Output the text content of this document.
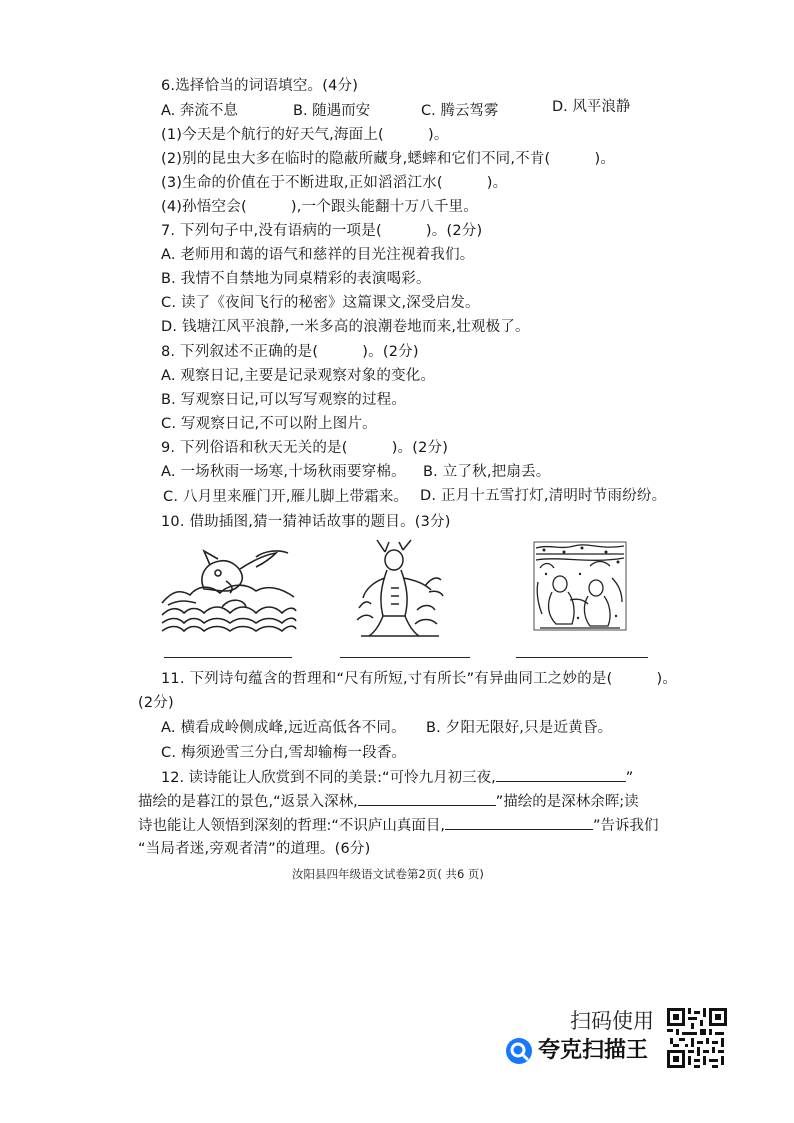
6.选择恰当的词语填空。(4分)
A. 奔流不息	B. 随遇而安	C. 腾云驾雾	D. 风平浪静
(1)今天是个航行的好天气,海面上(　　　)。
(2)别的昆虫大多在临时的隐蔽所藏身,蟋蟀和它们不同,不肯(　　　)。
(3)生命的价值在于不断进取,正如滔滔江水(　　　)。
(4)孙悟空会(　　　),一个跟头能翻十万八千里。
7. 下列句子中,没有语病的一项是(　　　)。(2分)
A. 老师用和蔼的语气和慈祥的目光注视着我们。
B. 我情不自禁地为同桌精彩的表演喝彩。
C. 读了《夜间飞行的秘密》这篇课文,深受启发。
D. 钱塘江风平浪静,一米多高的浪潮卷地而来,壮观极了。
8. 下列叙述不正确的是(　　　)。(2分)
A. 观察日记,主要是记录观察对象的变化。
B. 写观察日记,可以写写观察的过程。
C. 写观察日记,不可以附上图片。
9. 下列俗语和秋天无关的是(　　　)。(2分)
A. 一场秋雨一场寒,十场秋雨要穿棉。 B. 立了秋,把扇丢。
C. 八月里来雁门开,雁儿脚上带霜来。 D. 正月十五雪打灯,清明时节雨纷纷。
10. 借助插图,猜一猜神话故事的题目。(3分)
11. 下列诗句蕴含的哲理和“尺有所短,寸有所长”有异曲同工之妙的是(　　　)。
(2分)
A. 横看成岭侧成峰,远近高低各不同。 B. 夕阳无限好,只是近黄昏。
C. 梅须逊雪三分白,雪却输梅一段香。
12. 读诗能让人欣赏到不同的美景:“可怜九月初三夜,	”
描绘的是暮江的景色,“返景入深林,	”描绘的是深林余晖;读
诗也能让人领悟到深刻的哲理:“不识庐山真面目,	”告诉我们
“当局者迷,旁观者清”的道理。(6分)
汝阳县四年级语文试卷第2页( 共6 页)
扫码使用
夸克扫描王
